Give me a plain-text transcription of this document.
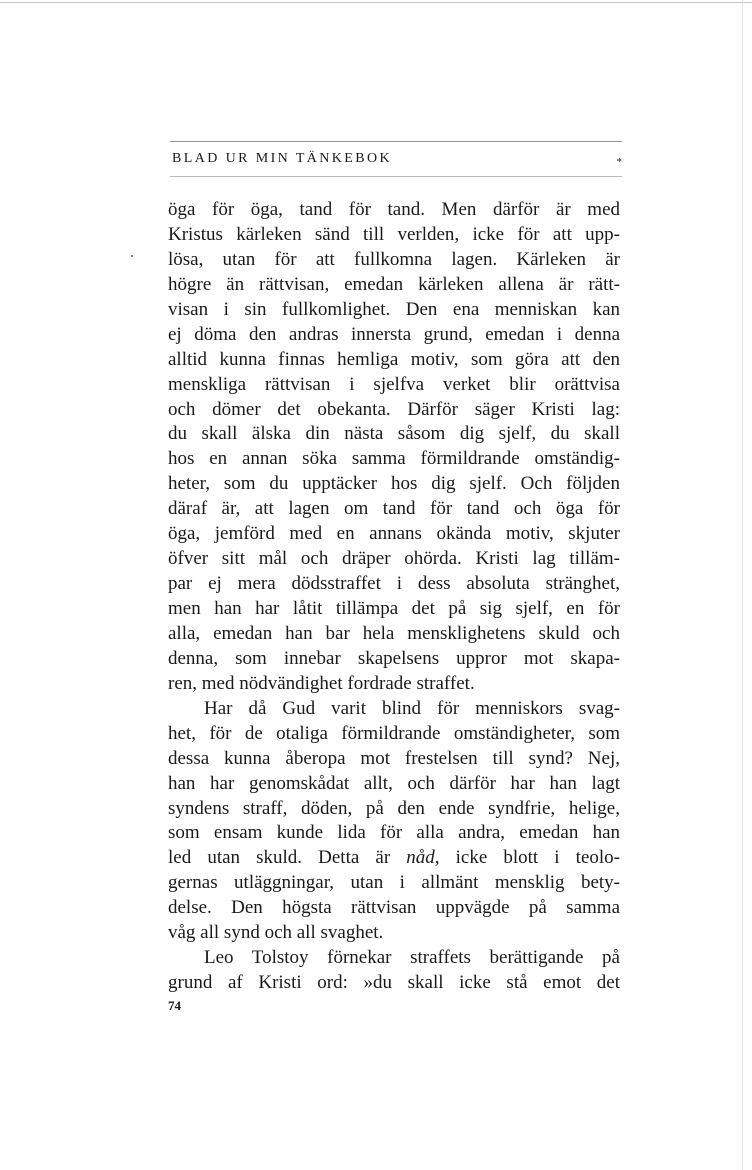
BLAD UR MIN TÄNKEBOK	*
öga för öga, tand för tand. Men därför är med
Kristus kärleken sänd till verlden, icke för att upp-
lösa, utan för att fullkomna lagen. Kärleken är
högre än rättvisan, emedan kärleken allena är rätt-
visan i sin fullkomlighet. Den ena menniskan kan
ej döma den andras innersta grund, emedan i denna
alltid kunna finnas hemliga motiv, som göra att den
menskliga rättvisan i sjelfva verket blir orättvisa
och dömer det obekanta. Därför säger Kristi lag:
du skall älska din nästa såsom dig sjelf, du skall
hos en annan söka samma förmildrande omständig-
heter, som du upptäcker hos dig sjelf. Och följden
däraf är, att lagen om tand för tand och öga för
öga, jemförd med en annans okända motiv, skjuter
öfver sitt mål och dräper ohörda. Kristi lag tilläm-
par ej mera dödsstraffet i dess absoluta stränghet,
men han har låtit tillämpa det på sig sjelf, en för
alla, emedan han bar hela mensklighetens skuld och
denna, som innebar skapelsens uppror mot skapa-
ren, med nödvändighet fordrade straffet.
Har då Gud varit blind för menniskors svag-
het, för de otaliga förmildrande omständigheter, som
dessa kunna åberopa mot frestelsen till synd? Nej,
han har genomskådat allt, och därför har han lagt
syndens straff, döden, på den ende syndfrie, helige,
som ensam kunde lida för alla andra, emedan han
led utan skuld. Detta är nåd, icke blott i teolo-
gernas utläggningar, utan i allmänt mensklig bety-
delse. Den högsta rättvisan uppvägde på samma
våg all synd och all svaghet.
Leo Tolstoy förnekar straffets berättigande på
grund af Kristi ord: »du skall icke stå emot det
74
